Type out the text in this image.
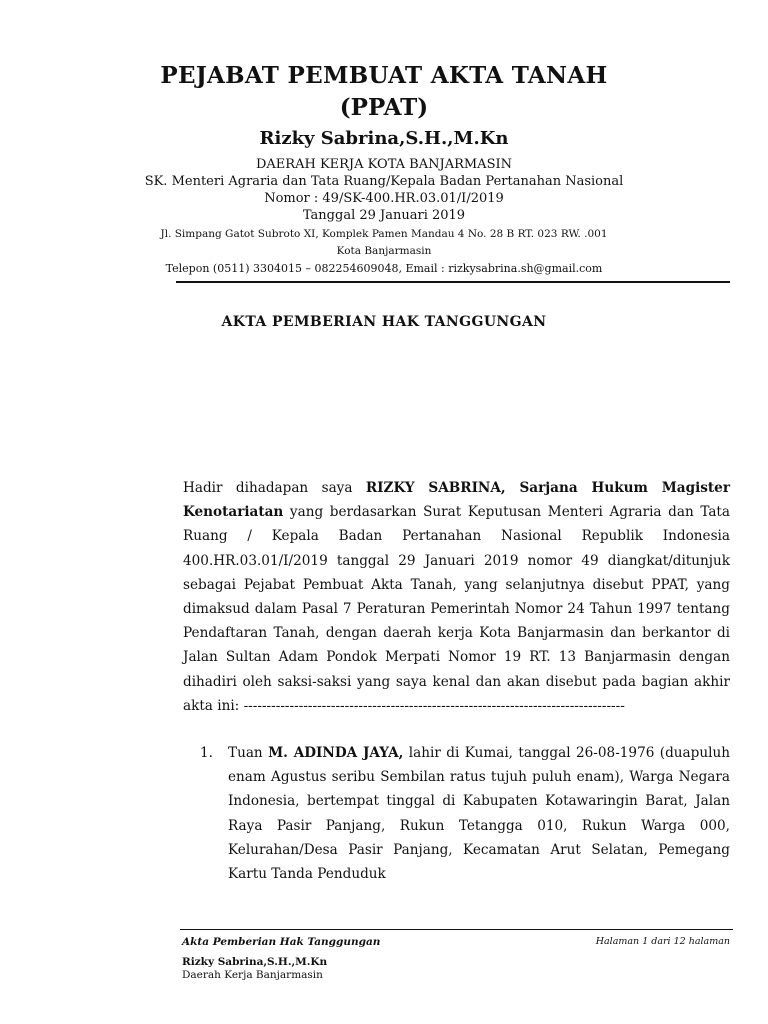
PEJABAT PEMBUAT AKTA TANAH
(PPAT)
Rizky Sabrina,S.H.,M.Kn
DAERAH KERJA KOTA BANJARMASIN
SK. Menteri Agraria dan Tata Ruang/Kepala Badan Pertanahan Nasional
Nomor : 49/SK-400.HR.03.01/I/2019
Tanggal 29 Januari 2019
Jl. Simpang Gatot Subroto XI, Komplek Pamen Mandau 4 No. 28 B RT. 023 RW. .001
Kota Banjarmasin
Telepon (0511) 3304015 – 082254609048, Email : rizkysabrina.sh@gmail.com
AKTA PEMBERIAN HAK TANGGUNGAN

Hadir dihadapan saya RIZKY SABRINA, Sarjana Hukum Magister Kenotariatan yang berdasarkan Surat Keputusan Menteri Agraria dan Tata Ruang / Kepala Badan Pertanahan Nasional Republik Indonesia 400.HR.03.01/I/2019 tanggal 29 Januari 2019 nomor 49 diangkat/ditunjuk sebagai Pejabat Pembuat Akta Tanah, yang selanjutnya disebut PPAT, yang dimaksud dalam Pasal 7 Peraturan Pemerintah Nomor 24 Tahun 1997 tentang Pendaftaran Tanah, dengan daerah kerja Kota Banjarmasin dan berkantor di Jalan Sultan Adam Pondok Merpati Nomor 19 RT. 13 Banjarmasin dengan dihadiri oleh saksi-saksi yang saya kenal dan akan disebut pada bagian akhir akta ini: -----------------------------------------------------------------------------------

1. Tuan M. ADINDA JAYA, lahir di Kumai, tanggal 26-08-1976 (duapuluh enam Agustus seribu Sembilan ratus tujuh puluh enam), Warga Negara Indonesia, bertempat tinggal di Kabupaten Kotawaringin Barat, Jalan Raya Pasir Panjang, Rukun Tetangga 010, Rukun Warga 000, Kelurahan/Desa Pasir Panjang, Kecamatan Arut Selatan, Pemegang Kartu Tanda Penduduk
Akta Pemberian Hak Tanggungan	Halaman 1 dari 12 halaman
Rizky Sabrina,S.H.,M.Kn
Daerah Kerja Banjarmasin
